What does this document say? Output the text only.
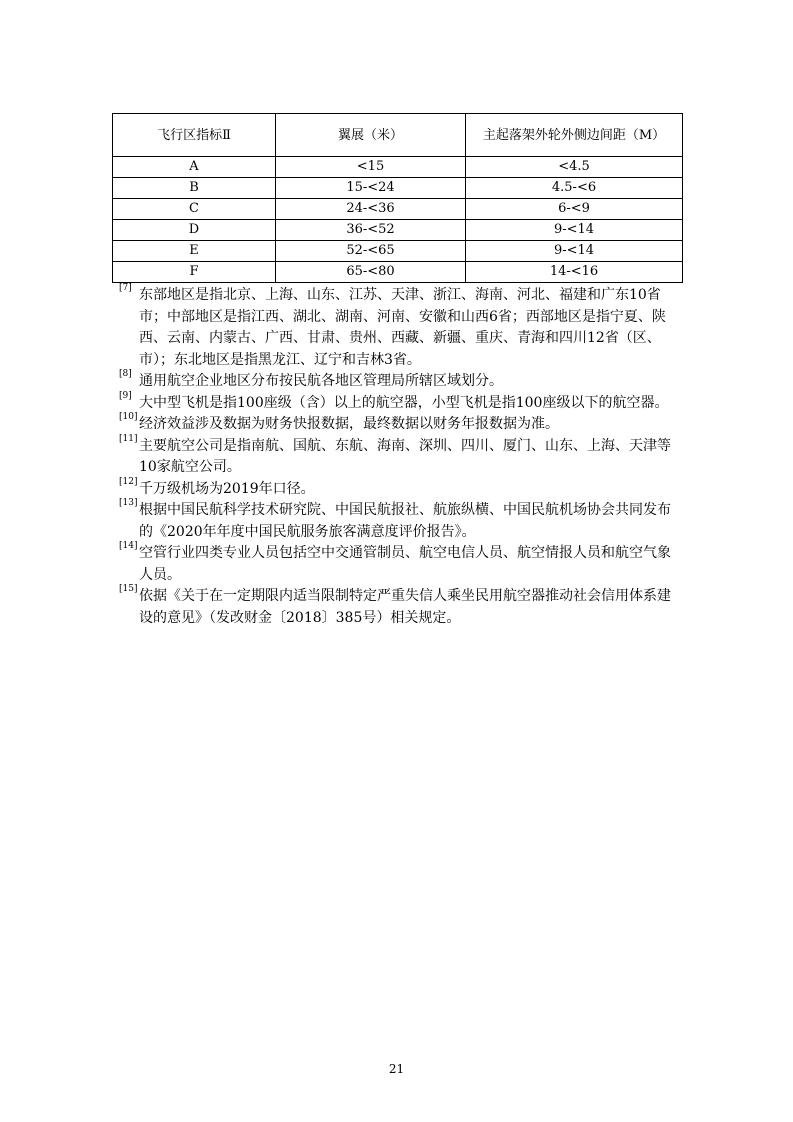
飞行区指标Ⅱ	翼展（米）	主起落架外轮外侧边间距（M）
A	<15	<4.5
B	15-<24	4.5-<6
C	24-<36	6-<9
D	36-<52	9-<14
E	52-<65	9-<14
F	65-<80	14-<16
[7] 东部地区是指北京、上海、山东、江苏、天津、浙江、海南、河北、福建和广东10省市；中部地区是指江西、湖北、湖南、河南、安徽和山西6省；西部地区是指宁夏、陕西、云南、内蒙古、广西、甘肃、贵州、西藏、新疆、重庆、青海和四川12省（区、市）；东北地区是指黑龙江、辽宁和吉林3省。
[8] 通用航空企业地区分布按民航各地区管理局所辖区域划分。
[9] 大中型飞机是指100座级（含）以上的航空器，小型飞机是指100座级以下的航空器。
[10] 经济效益涉及数据为财务快报数据，最终数据以财务年报数据为准。
[11] 主要航空公司是指南航、国航、东航、海南、深圳、四川、厦门、山东、上海、天津等10家航空公司。
[12] 千万级机场为2019年口径。
[13] 根据中国民航科学技术研究院、中国民航报社、航旅纵横、中国民航机场协会共同发布的《2020年年度中国民航服务旅客满意度评价报告》。
[14] 空管行业四类专业人员包括空中交通管制员、航空电信人员、航空情报人员和航空气象人员。
[15] 依据《关于在一定期限内适当限制特定严重失信人乘坐民用航空器推动社会信用体系建设的意见》（发改财金〔2018〕385号）相关规定。
21
